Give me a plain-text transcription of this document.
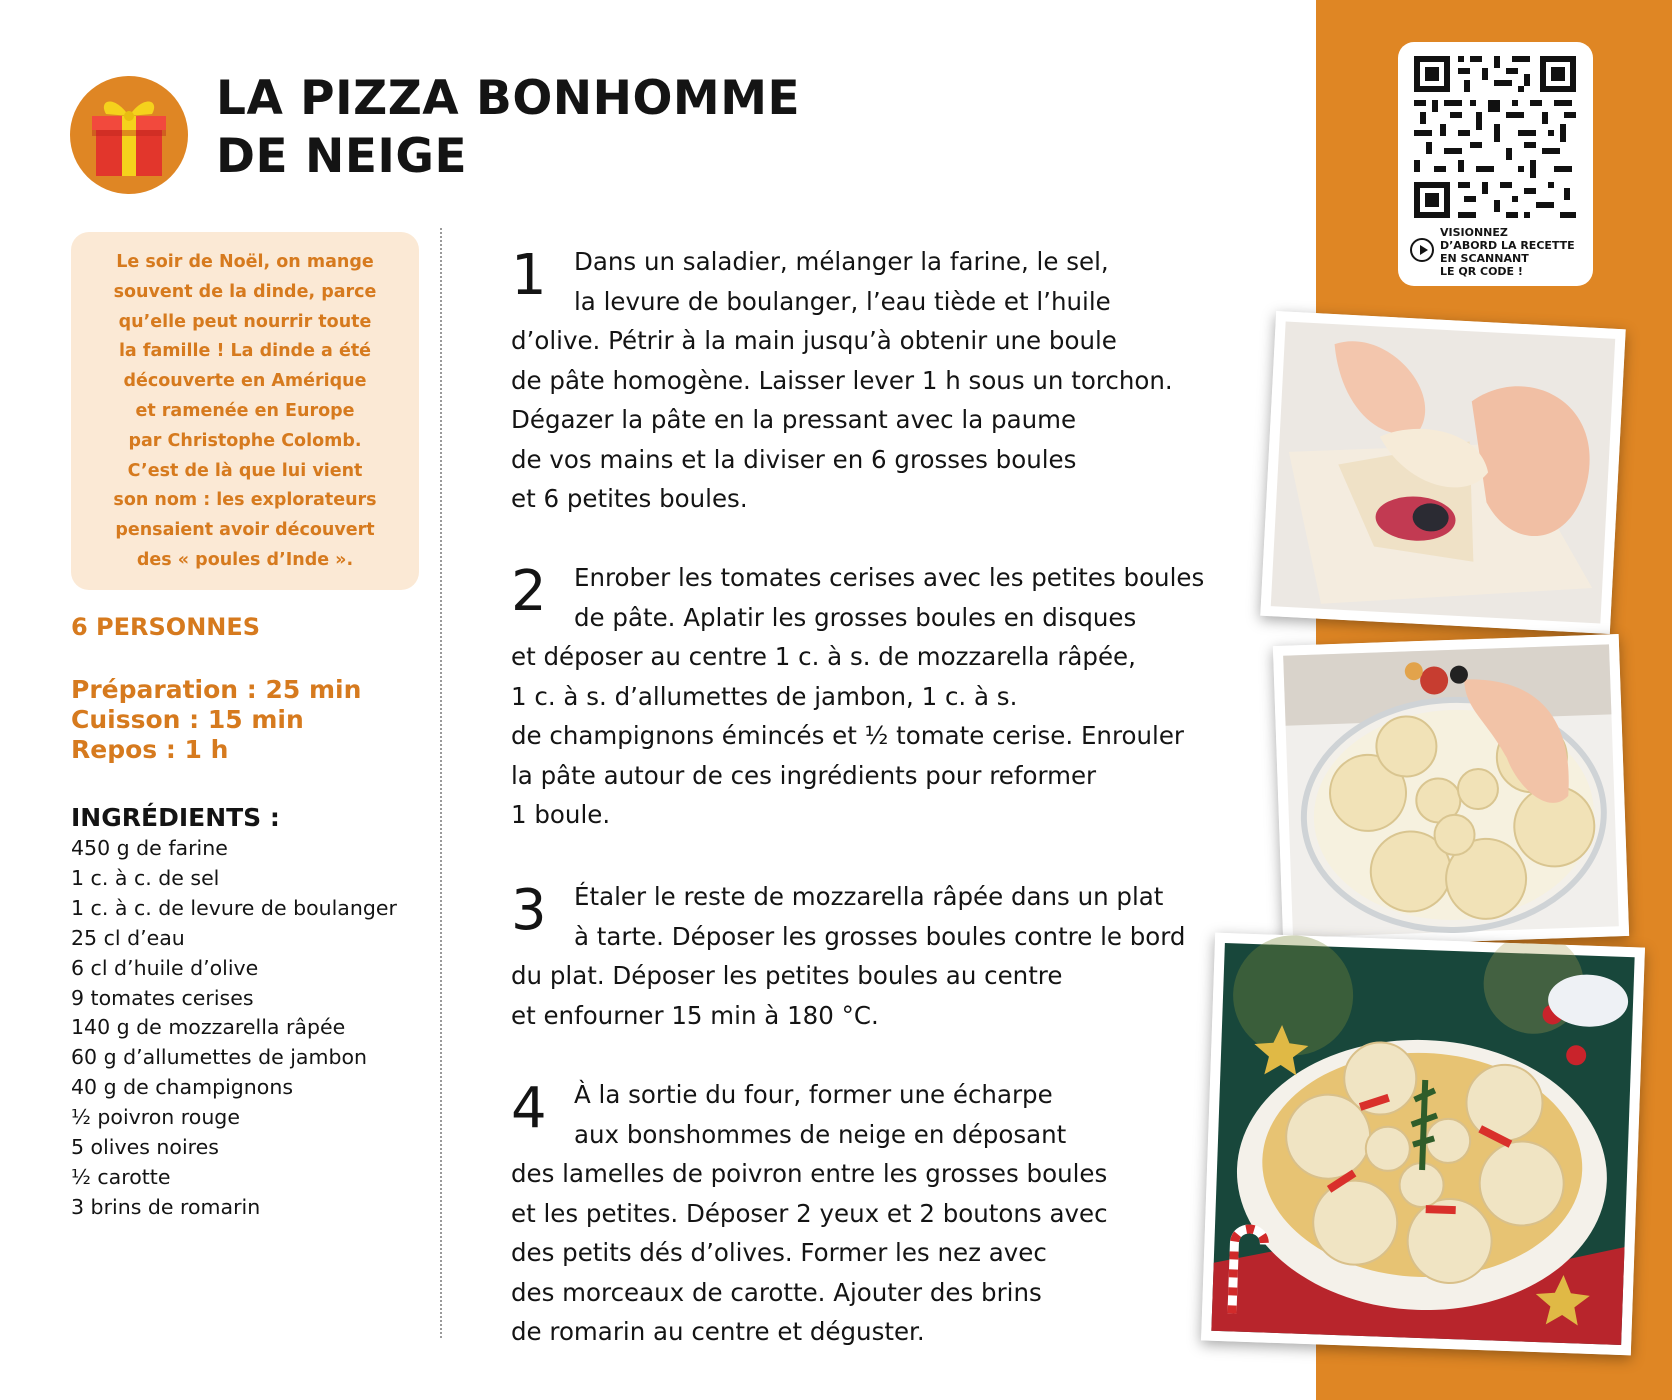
LA PIZZA BONHOMME
DE NEIGE
Le soir de Noël, on mange
souvent de la dinde, parce
qu’elle peut nourrir toute
la famille ! La dinde a été
découverte en Amérique
et ramenée en Europe
par Christophe Colomb.
C’est de là que lui vient
son nom : les explorateurs
pensaient avoir découvert
des « poules d’Inde ».
6 PERSONNES
Préparation : 25 min
Cuisson : 15 min
Repos : 1 h
INGRÉDIENTS :
450 g de farine
1 c. à c. de sel
1 c. à c. de levure de boulanger
25 cl d’eau
6 cl d’huile d’olive
9 tomates cerises
140 g de mozzarella râpée
60 g d’allumettes de jambon
40 g de champignons
½ poivron rouge
5 olives noires
½ carotte
3 brins de romarin
1	Dans un saladier, mélanger la farine, le sel,
la levure de boulanger, l’eau tiède et l’huile
d’olive. Pétrir à la main jusqu’à obtenir une boule
de pâte homogène. Laisser lever 1 h sous un torchon.
Dégazer la pâte en la pressant avec la paume
de vos mains et la diviser en 6 grosses boules
et 6 petites boules.
2	Enrober les tomates cerises avec les petites boules
de pâte. Aplatir les grosses boules en disques
et déposer au centre 1 c. à s. de mozzarella râpée,
1 c. à s. d’allumettes de jambon, 1 c. à s.
de champignons émincés et ½ tomate cerise. Enrouler
la pâte autour de ces ingrédients pour reformer
1 boule.
3	Étaler le reste de mozzarella râpée dans un plat
à tarte. Déposer les grosses boules contre le bord
du plat. Déposer les petites boules au centre
et enfourner 15 min à 180 °C.
4	À la sortie du four, former une écharpe
aux bonshommes de neige en déposant
des lamelles de poivron entre les grosses boules
et les petites. Déposer 2 yeux et 2 boutons avec
des petits dés d’olives. Former les nez avec
des morceaux de carotte. Ajouter des brins
de romarin au centre et déguster.
VISIONNEZ
D’ABORD LA RECETTE
EN SCANNANT
LE QR CODE !
